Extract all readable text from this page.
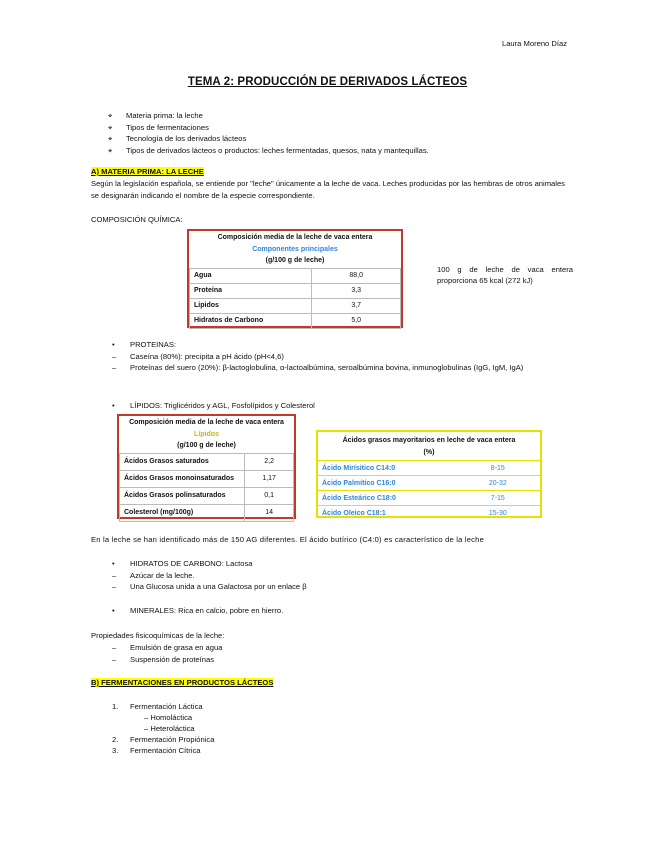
Laura Moreno Díaz
TEMA 2: PRODUCCIÓN DE DERIVADOS LÁCTEOS
⌖ Materia prima: la leche
⌖ Tipos de fermentaciones
⌖ Tecnología de los derivados lácteos
⌖ Tipos de derivados lácteos o productos: leches fermentadas, quesos, nata y mantequillas.
A) MATERIA PRIMA: LA LECHE
Según la legislación española, se entiende por "leche" únicamente a la leche de vaca. Leches producidas por las hembras de otros animales se designarán indicando el nombre de la especie correspondiente.
COMPOSICIÓN QUÍMICA:
Composición media de la leche de vaca entera
Componentes principales
(g/100 g de leche)
Agua	88,0
Proteína	3,3
Lípidos	3,7
Hidratos de Carbono	5,0
100 g de leche de vaca entera proporciona 65 kcal (272 kJ)
• PROTEINAS:
– Caseína (80%): precipita a pH ácido (pH<4,6)
– Proteínas del suero (20%): β-lactoglobulina, α-lactoalbúmina, seroalbúmina bovina, inmunoglobulinas (IgG, IgM, IgA)
• LÍPIDOS: Triglicéridos y AGL, Fosfolípidos y Colesterol
Composición media de la leche de vaca entera
Lípidos
(g/100 g de leche)
Ácidos Grasos saturados	2,2
Ácidos Grasos monoinsaturados	1,17
Ácidos Grasos polinsaturados	0,1
Colesterol (mg/100g)	14
Ácidos grasos mayoritarios en leche de vaca entera
(%)
Ácido Mirísitico C14:0	8-15
Ácido Palmítico C16:0	20-32
Ácido Esteárico C18:0	7-15
Ácido Oleico C18:1	15-30
En la leche se han identificado más de 150 AG diferentes. El ácido butírico (C4:0) es característico de la leche
• HIDRATOS DE CARBONO: Lactosa
– Azúcar de la leche.
– Una Glucosa unida a una Galactosa por un enlace β
• MINERALES: Rica en calcio, pobre en hierro.
Propiedades fisicoquímicas de la leche:
– Emulsión de grasa en agua
– Suspensión de proteínas
B) FERMENTACIONES EN PRODUCTOS LÁCTEOS
1. Fermentación Láctica
– Homoláctica
– Heteroláctica
2. Fermentación Propiónica
3. Fermentación Cítrica
